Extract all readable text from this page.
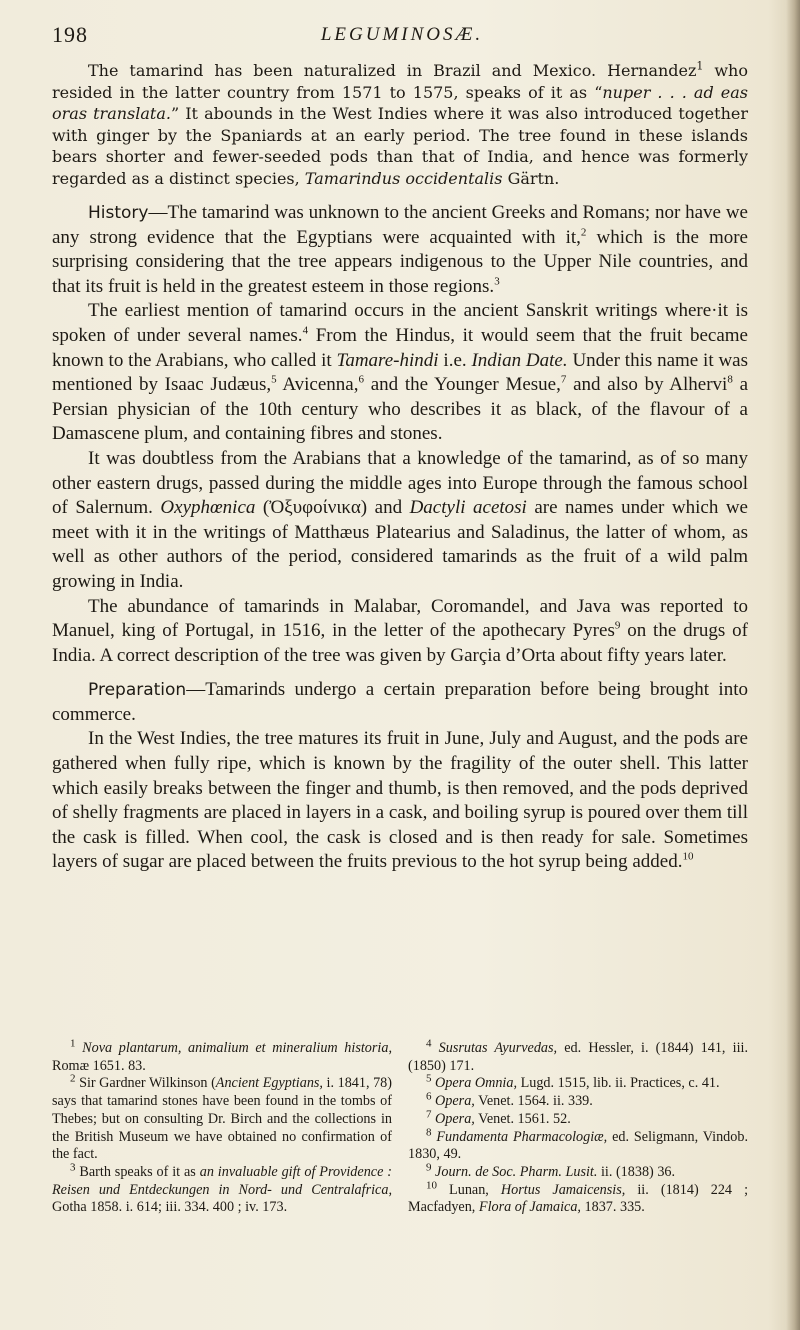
198	LEGUMINOSÆ.

The tamarind has been naturalized in Brazil and Mexico. Hernandez$^1$ who resided in the latter country from 1571 to 1575, speaks of it as “nuper . . . ad eas oras translata.” It abounds in the West Indies where it was also introduced together with ginger by the Spaniards at an early period. The tree found in these islands bears shorter and fewer-seeded pods than that of India, and hence was formerly regarded as a distinct species, Tamarindus occidentalis Gärtn.

History—The tamarind was unknown to the ancient Greeks and Romans; nor have we any strong evidence that the Egyptians were acquainted with it,$^2$ which is the more surprising considering that the tree appears indigenous to the Upper Nile countries, and that its fruit is held in the greatest esteem in those regions.$^3$

The earliest mention of tamarind occurs in the ancient Sanskrit writings where·it is spoken of under several names.$^4$ From the Hindus, it would seem that the fruit became known to the Arabians, who called it Tamare-hindi i.e. Indian Date. Under this name it was mentioned by Isaac Judæus,$^5$ Avicenna,$^6$ and the Younger Mesue,$^7$ and also by Alhervi$^8$ a Persian physician of the 10th century who describes it as black, of the flavour of a Damascene plum, and containing fibres and stones.

It was doubtless from the Arabians that a knowledge of the tamarind, as of so many other eastern drugs, passed during the middle ages into Europe through the famous school of Salernum. Oxyphœnica (Ὀξυφοίνικα) and Dactyli acetosi are names under which we meet with it in the writings of Matthæus Platearius and Saladinus, the latter of whom, as well as other authors of the period, considered tamarinds as the fruit of a wild palm growing in India.

The abundance of tamarinds in Malabar, Coromandel, and Java was reported to Manuel, king of Portugal, in 1516, in the letter of the apothecary Pyres$^9$ on the drugs of India. A correct description of the tree was given by Garçia d’Orta about fifty years later.

Preparation—Tamarinds undergo a certain preparation before being brought into commerce.

In the West Indies, the tree matures its fruit in June, July and August, and the pods are gathered when fully ripe, which is known by the fragility of the outer shell. This latter which easily breaks between the finger and thumb, is then removed, and the pods deprived of shelly fragments are placed in layers in a cask, and boiling syrup is poured over them till the cask is filled. When cool, the cask is closed and is then ready for sale. Sometimes layers of sugar are placed between the fruits previous to the hot syrup being added.$^{10}$

$^1$ Nova plantarum, animalium et mineralium historia, Romæ 1651. 83.

$^2$ Sir Gardner Wilkinson (Ancient Egyptians, i. 1841, 78) says that tamarind stones have been found in the tombs of Thebes; but on consulting Dr. Birch and the collections in the British Museum we have obtained no confirmation of the fact.

$^3$ Barth speaks of it as an invaluable gift of Providence : Reisen und Entdeckungen in Nord- und Centralafrica, Gotha 1858. i. 614; iii. 334. 400 ; iv. 173.

$^4$ Susrutas Ayurvedas, ed. Hessler, i. (1844) 141, iii. (1850) 171.

$^5$ Opera Omnia, Lugd. 1515, lib. ii. Practices, c. 41.

$^6$ Opera, Venet. 1564. ii. 339.

$^7$ Opera, Venet. 1561. 52.

$^8$ Fundamenta Pharmacologiæ, ed. Seligmann, Vindob. 1830, 49.

$^9$ Journ. de Soc. Pharm. Lusit. ii. (1838) 36.

$^{10}$ Lunan, Hortus Jamaicensis, ii. (1814) 224 ; Macfadyen, Flora of Jamaica, 1837. 335.
